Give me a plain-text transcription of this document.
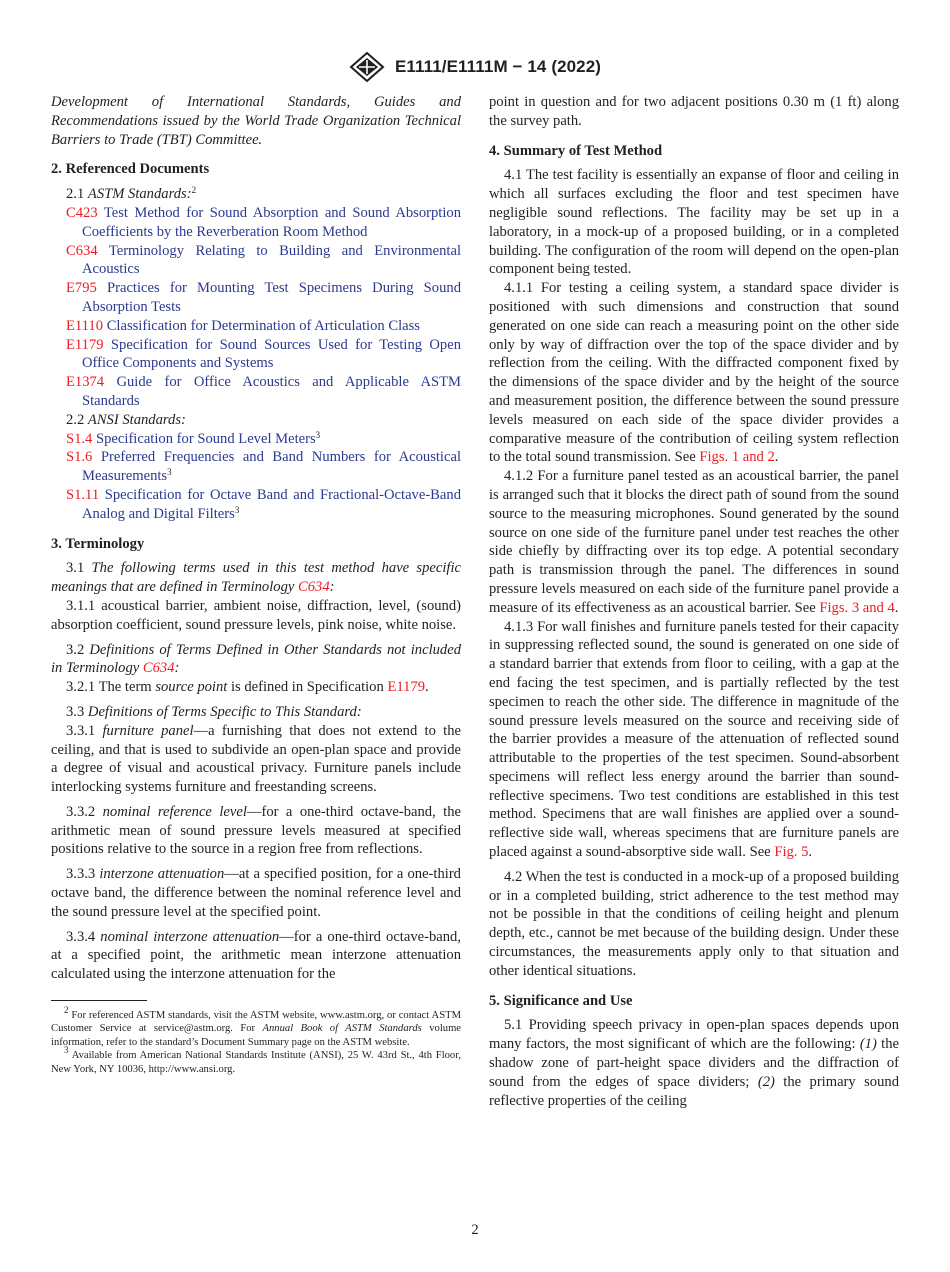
E1111/E1111M − 14 (2022)

Development of International Standards, Guides and Recommendations issued by the World Trade Organization Technical Barriers to Trade (TBT) Committee.

2. Referenced Documents

2.1 ASTM Standards:$^2$

C423 Test Method for Sound Absorption and Sound Absorption Coefficients by the Reverberation Room Method

C634 Terminology Relating to Building and Environmental Acoustics

E795 Practices for Mounting Test Specimens During Sound Absorption Tests

E1110 Classification for Determination of Articulation Class

E1179 Specification for Sound Sources Used for Testing Open Office Components and Systems

E1374 Guide for Office Acoustics and Applicable ASTM Standards

2.2 ANSI Standards:

S1.4 Specification for Sound Level Meters$^3$

S1.6 Preferred Frequencies and Band Numbers for Acoustical Measurements$^3$

S1.11 Specification for Octave Band and Fractional-Octave-Band Analog and Digital Filters$^3$

3. Terminology

3.1 The following terms used in this test method have specific meanings that are defined in Terminology C634:

3.1.1 acoustical barrier, ambient noise, diffraction, level, (sound) absorption coefficient, sound pressure levels, pink noise, white noise.

3.2 Definitions of Terms Defined in Other Standards not included in Terminology C634:

3.2.1 The term source point is defined in Specification E1179.

3.3 Definitions of Terms Specific to This Standard:

3.3.1 furniture panel—a furnishing that does not extend to the ceiling, and that is used to subdivide an open-plan space and provide a degree of visual and acoustical privacy. Furniture panels include interlocking systems furniture and freestanding screens.

3.3.2 nominal reference level—for a one-third octave-band, the arithmetic mean of sound pressure levels measured at specified positions relative to the source in a region free from reflections.

3.3.3 interzone attenuation—at a specified position, for a one-third octave band, the difference between the nominal reference level and the sound pressure level at the specified point.

3.3.4 nominal interzone attenuation—for a one-third octave-band, at a specified point, the arithmetic mean interzone attenuation calculated using the interzone attenuation for the

$^2$ For referenced ASTM standards, visit the ASTM website, www.astm.org, or contact ASTM Customer Service at service@astm.org. For Annual Book of ASTM Standards volume information, refer to the standard’s Document Summary page on the ASTM website.

$^3$ Available from American National Standards Institute (ANSI), 25 W. 43rd St., 4th Floor, New York, NY 10036, http://www.ansi.org.

point in question and for two adjacent positions 0.30 m (1 ft) along the survey path.

4. Summary of Test Method

4.1 The test facility is essentially an expanse of floor and ceiling in which all surfaces excluding the floor and test specimen have negligible sound reflections. The facility may be set up in a laboratory, in a mock-up of a proposed building, or in a completed building. The configuration of the room will depend on the open-plan component being tested.

4.1.1 For testing a ceiling system, a standard space divider is positioned with such dimensions and construction that sound generated on one side can reach a measuring point on the other side only by way of diffraction over the top of the space divider and by reflection from the ceiling. With the diffracted component fixed by the dimensions of the space divider and by the height of the source and measurement position, the difference between the sound pressure levels measured on each side of the space divider provides a comparative measure of the contribution of ceiling system reflection to the total sound transmission. See Figs. 1 and 2.

4.1.2 For a furniture panel tested as an acoustical barrier, the panel is arranged such that it blocks the direct path of sound from the sound source to the measuring microphones. Sound generated by the sound source on one side of the furniture panel under test reaches the other side chiefly by diffracting over its top edge. A potential secondary path is transmission through the panel. The differences in sound pressure levels measured on each side of the furniture panel provide a measure of its effectiveness as an acoustical barrier. See Figs. 3 and 4.

4.1.3 For wall finishes and furniture panels tested for their capacity in suppressing reflected sound, the sound is generated on one side of a standard barrier that extends from floor to ceiling, with a gap at the end facing the test specimen, and is partially reflected by the test specimen to reach the other side. The difference in magnitude of the sound pressure levels measured on the source and receiving side of the barrier provides a measure of the attenuation of reflected sound attributable to the properties of the test specimen. Sound-absorbent specimens will reflect less energy around the barrier than sound-reflective specimens. Two test conditions are established in this test method. Specimens that are wall finishes are applied over a sound-reflective side wall, whereas specimens that are furniture panels are placed against a sound-absorptive side wall. See Fig. 5.

4.2 When the test is conducted in a mock-up of a proposed building or in a completed building, strict adherence to the test method may not be possible in that the conditions of ceiling height and plenum depth, etc., cannot be met because of the building design. Under these circumstances, the measurements apply only to that situation and other identical situations.

5. Significance and Use

5.1 Providing speech privacy in open-plan spaces depends upon many factors, the most significant of which are the following: (1) the shadow zone of part-height space dividers and the diffraction of sound from the edges of space dividers; (2) the primary sound reflective properties of the ceiling

2
